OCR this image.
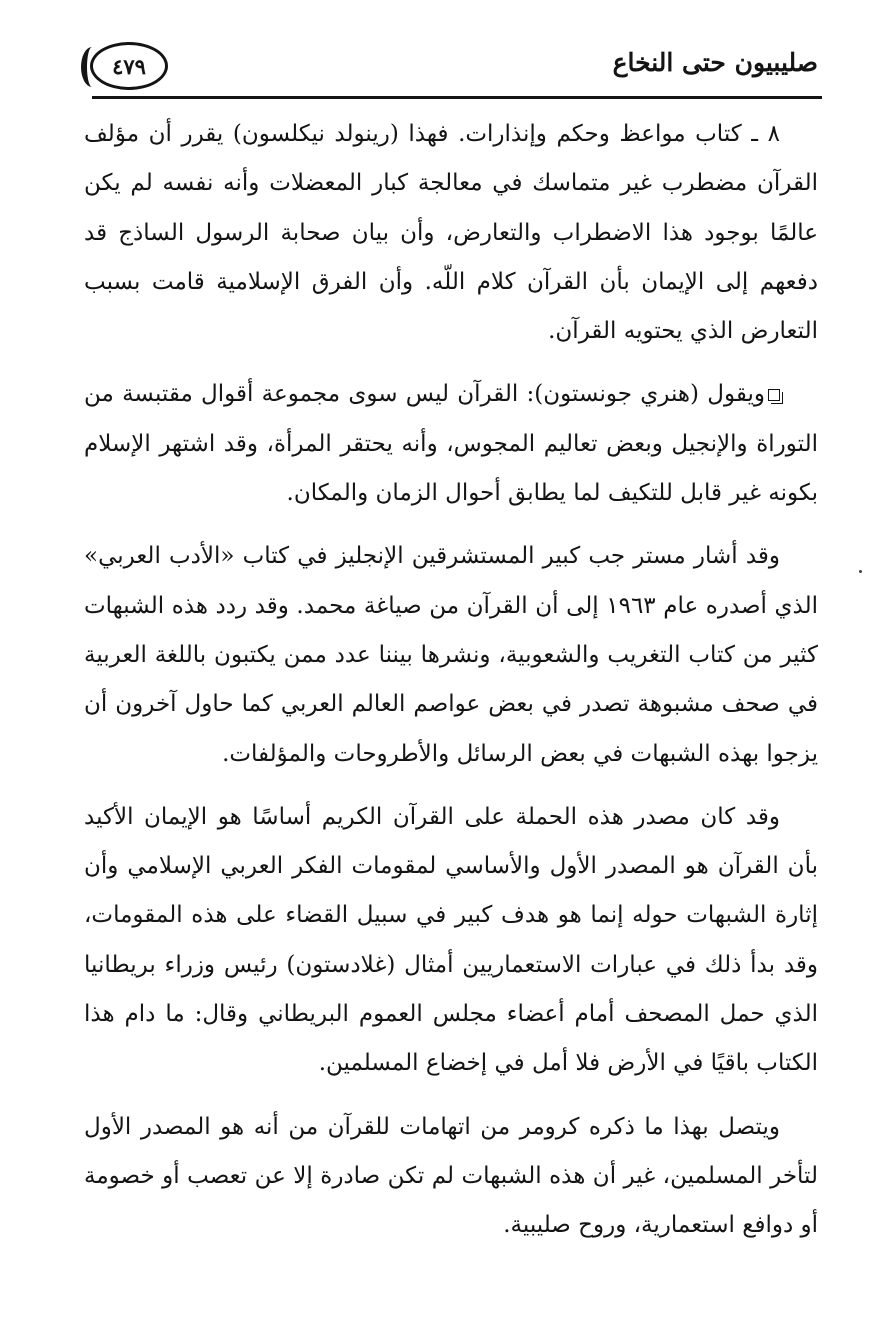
صليبيون حتى النخاع
٤٧٩

٨ ـ كتاب مواعظ وحكم وإنذارات. فهذا (رينولد نيكلسون) يقرر أن مؤلف القرآن مضطرب غير متماسك في معالجة كبار المعضلات وأنه نفسه لم يكن عالمًا بوجود هذا الاضطراب والتعارض، وأن بيان صحابة الرسول الساذج قد دفعهم إلى الإيمان بأن القرآن كلام اللّه. وأن الفرق الإسلامية قامت بسبب التعارض الذي يحتويه القرآن.

ويقول (هنري جونستون): القرآن ليس سوى مجموعة أقوال مقتبسة من التوراة والإنجيل وبعض تعاليم المجوس، وأنه يحتقر المرأة، وقد اشتهر الإسلام بكونه غير قابل للتكيف لما يطابق أحوال الزمان والمكان.

وقد أشار مستر جب كبير المستشرقين الإنجليز في كتاب «الأدب العربي» الذي أصدره عام ١٩٦٣ إلى أن القرآن من صياغة محمد. وقد ردد هذه الشبهات كثير من كتاب التغريب والشعوبية، ونشرها بيننا عدد ممن يكتبون باللغة العربية في صحف مشبوهة تصدر في بعض عواصم العالم العربي كما حاول آخرون أن يزجوا بهذه الشبهات في بعض الرسائل والأطروحات والمؤلفات.

وقد كان مصدر هذه الحملة على القرآن الكريم أساسًا هو الإيمان الأكيد بأن القرآن هو المصدر الأول والأساسي لمقومات الفكر العربي الإسلامي وأن إثارة الشبهات حوله إنما هو هدف كبير في سبيل القضاء على هذه المقومات، وقد بدأ ذلك في عبارات الاستعماريين أمثال (غلادستون) رئيس وزراء بريطانيا الذي حمل المصحف أمام أعضاء مجلس العموم البريطاني وقال: ما دام هذا الكتاب باقيًا في الأرض فلا أمل في إخضاع المسلمين.

ويتصل بهذا ما ذكره كرومر من اتهامات للقرآن من أنه هو المصدر الأول لتأخر المسلمين، غير أن هذه الشبهات لم تكن صادرة إلا عن تعصب أو خصومة أو دوافع استعمارية، وروح صليبية.
